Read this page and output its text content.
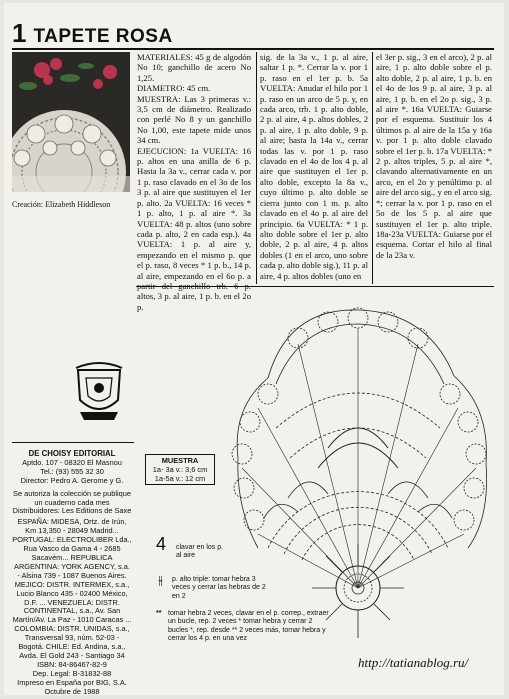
1 TAPETE ROSA
Creación: Elizabeth Hiddleson

MATERIALES: 45 g de algodón No 10; ganchillo de acero No 1,25.

DIAMETRO: 45 cm.

MUESTRA: Las 3 primeras v.: 3,5 cm de diámetro. Realizado con perlé No 8 y un ganchillo No 1,00, este tapete mide unos 34 cm.

EJECUCION: 1a VUELTA: 16 p. altos en una anilla de 6 p. Hasta la 3a v., cerrar cada v. por 1 p. raso clavado en el 3o de los 3 p. al aire que sustituyen el 1er p. alto. 2a VUELTA: 16 veces * 1 p. alto, 1 p. al aire *. 3a VUELTA: 48 p. altos (uno sobre cada p. alto, 2 en cada esp.). 4a VUELTA: 1 p. al aire y, empezando en el mismo p. que el p. raso, 8 veces * 1 p. b., 14 p. al aire, empezando en el 6o p. a partir del ganchillo trb. 6 p. altos, 3 p. al aire, 1 p. b. en el 2o p.

sig. de la 3a v., 1 p. al aire, saltar 1 p. *. Cerrar la v. por 1 p. raso en el 1er p. b. 5a VUELTA: Anudar el hilo por 1 p. raso en un arco de 5 p. y, en cada arco, trb. 1 p. alto doble, 2 p. al aire, 4 p. altos dobles, 2 p. al aire, 1 p. alto doble, 9 p. al aire; hasta la 14a v., cerrar todas las v. por 1 p. raso clavado en el 4o de los 4 p. al aire que sustituyen el 1er p. alto doble, excepto la 8a v., cuyo último p. alto doble se cierra junto con 1 m. p. alto clavado en el 4o p. al aire del principio. 6a VUELTA: * 1 p. alto doble sobre el 1er p. alto doble, 2 p. al aire, 4 p. altos dobles (1 en el arco, uno sobre cada p. alto doble sig.), 11 p. al aire, 4 p. altos dobles (uno en

el 3er p. sig., 3 en el arco), 2 p. al aire, 1 p. alto doble sobre el p. alto doble, 2 p. al aire, 1 p. b. en el 4o de los 9 p. al aire, 3 p. al aire, 1 p. b. en el 2o p. sig., 3 p. al aire *. 16a VUELTA: Guiarse por el esquema. Sustituir los 4 últimos p. al aire de la 15a y 16a v. por 1 p. alto doble clavado sobre el 1er p. b. 17a VUELTA: * 2 p. altos triples, 5 p. al aire *, clavando alternativamente en un arco, en el 2o y penúltimo p. al aire del arco sig., y en el arco sig. *; cerrar la v. por 1 p. raso en el 5o de los 5 p. al aire que sustituyen el 1er p. alto triple. 18a-23a VUELTA: Guiarse por el esquema. Cortar el hilo al final de la 23a v.

DE CHOISY EDITORIAL

Aptdo. 107 - 08320 El Masnou

Tel.: (93) 555 32 30

Director: Pedro A. Gerome y G.

Se autoriza la colección se publique un cuaderno cada mes

Distribuidores: Les Editions de Saxe

ESPAÑA: MIDESA, Ortz. de Irún, Km 13,350 - 28049 Madrid... PORTUGAL: ELECTROLIBER Lda., Rua Vasco da Gama 4 - 2685 Sacavém... REPUBLICA ARGENTINA: YORK AGENCY, s.a. - Alsina 739 - 1087 Buenos Aires. MEJICO: DISTR. INTERMEX, s.a., Lucio Blanco 435 - 02400 México, D.F. ... VENEZUELA: DISTR. CONTINENTAL, s.a., Av. San Martín/Av. La Paz - 1010 Caracas ... COLOMBIA: DISTR. UNIDAS, s.a., Transversal 93, núm. 52-03 - Bogotá. CHILE: Ed. Andina, s.a., Avda. El Gold 243 - Santiago 34

ISBN: 84-86467-82-9

Dep. Legal: B-31832-88

Impreso en España por BIG, S.A.

Octubre de 1988

MUESTRA

1a- 3a v.: 3,6 cm

1a-5a v.: 12 cm

4 clavar en los p. al aire

⫳ p. alto triple: tomar hebra 3 veces y cerrar las hebras de 2 en 2

** tomar hebra 2 veces, clavar en el p. correp., extraer un bucle, rep. 2 veces * tomar hebra y cerrar 2 bucles *, rep. desde ** 2 veces más, tomar hebra y cerrar los 4 p. en una vez

http://tatianablog.ru/
